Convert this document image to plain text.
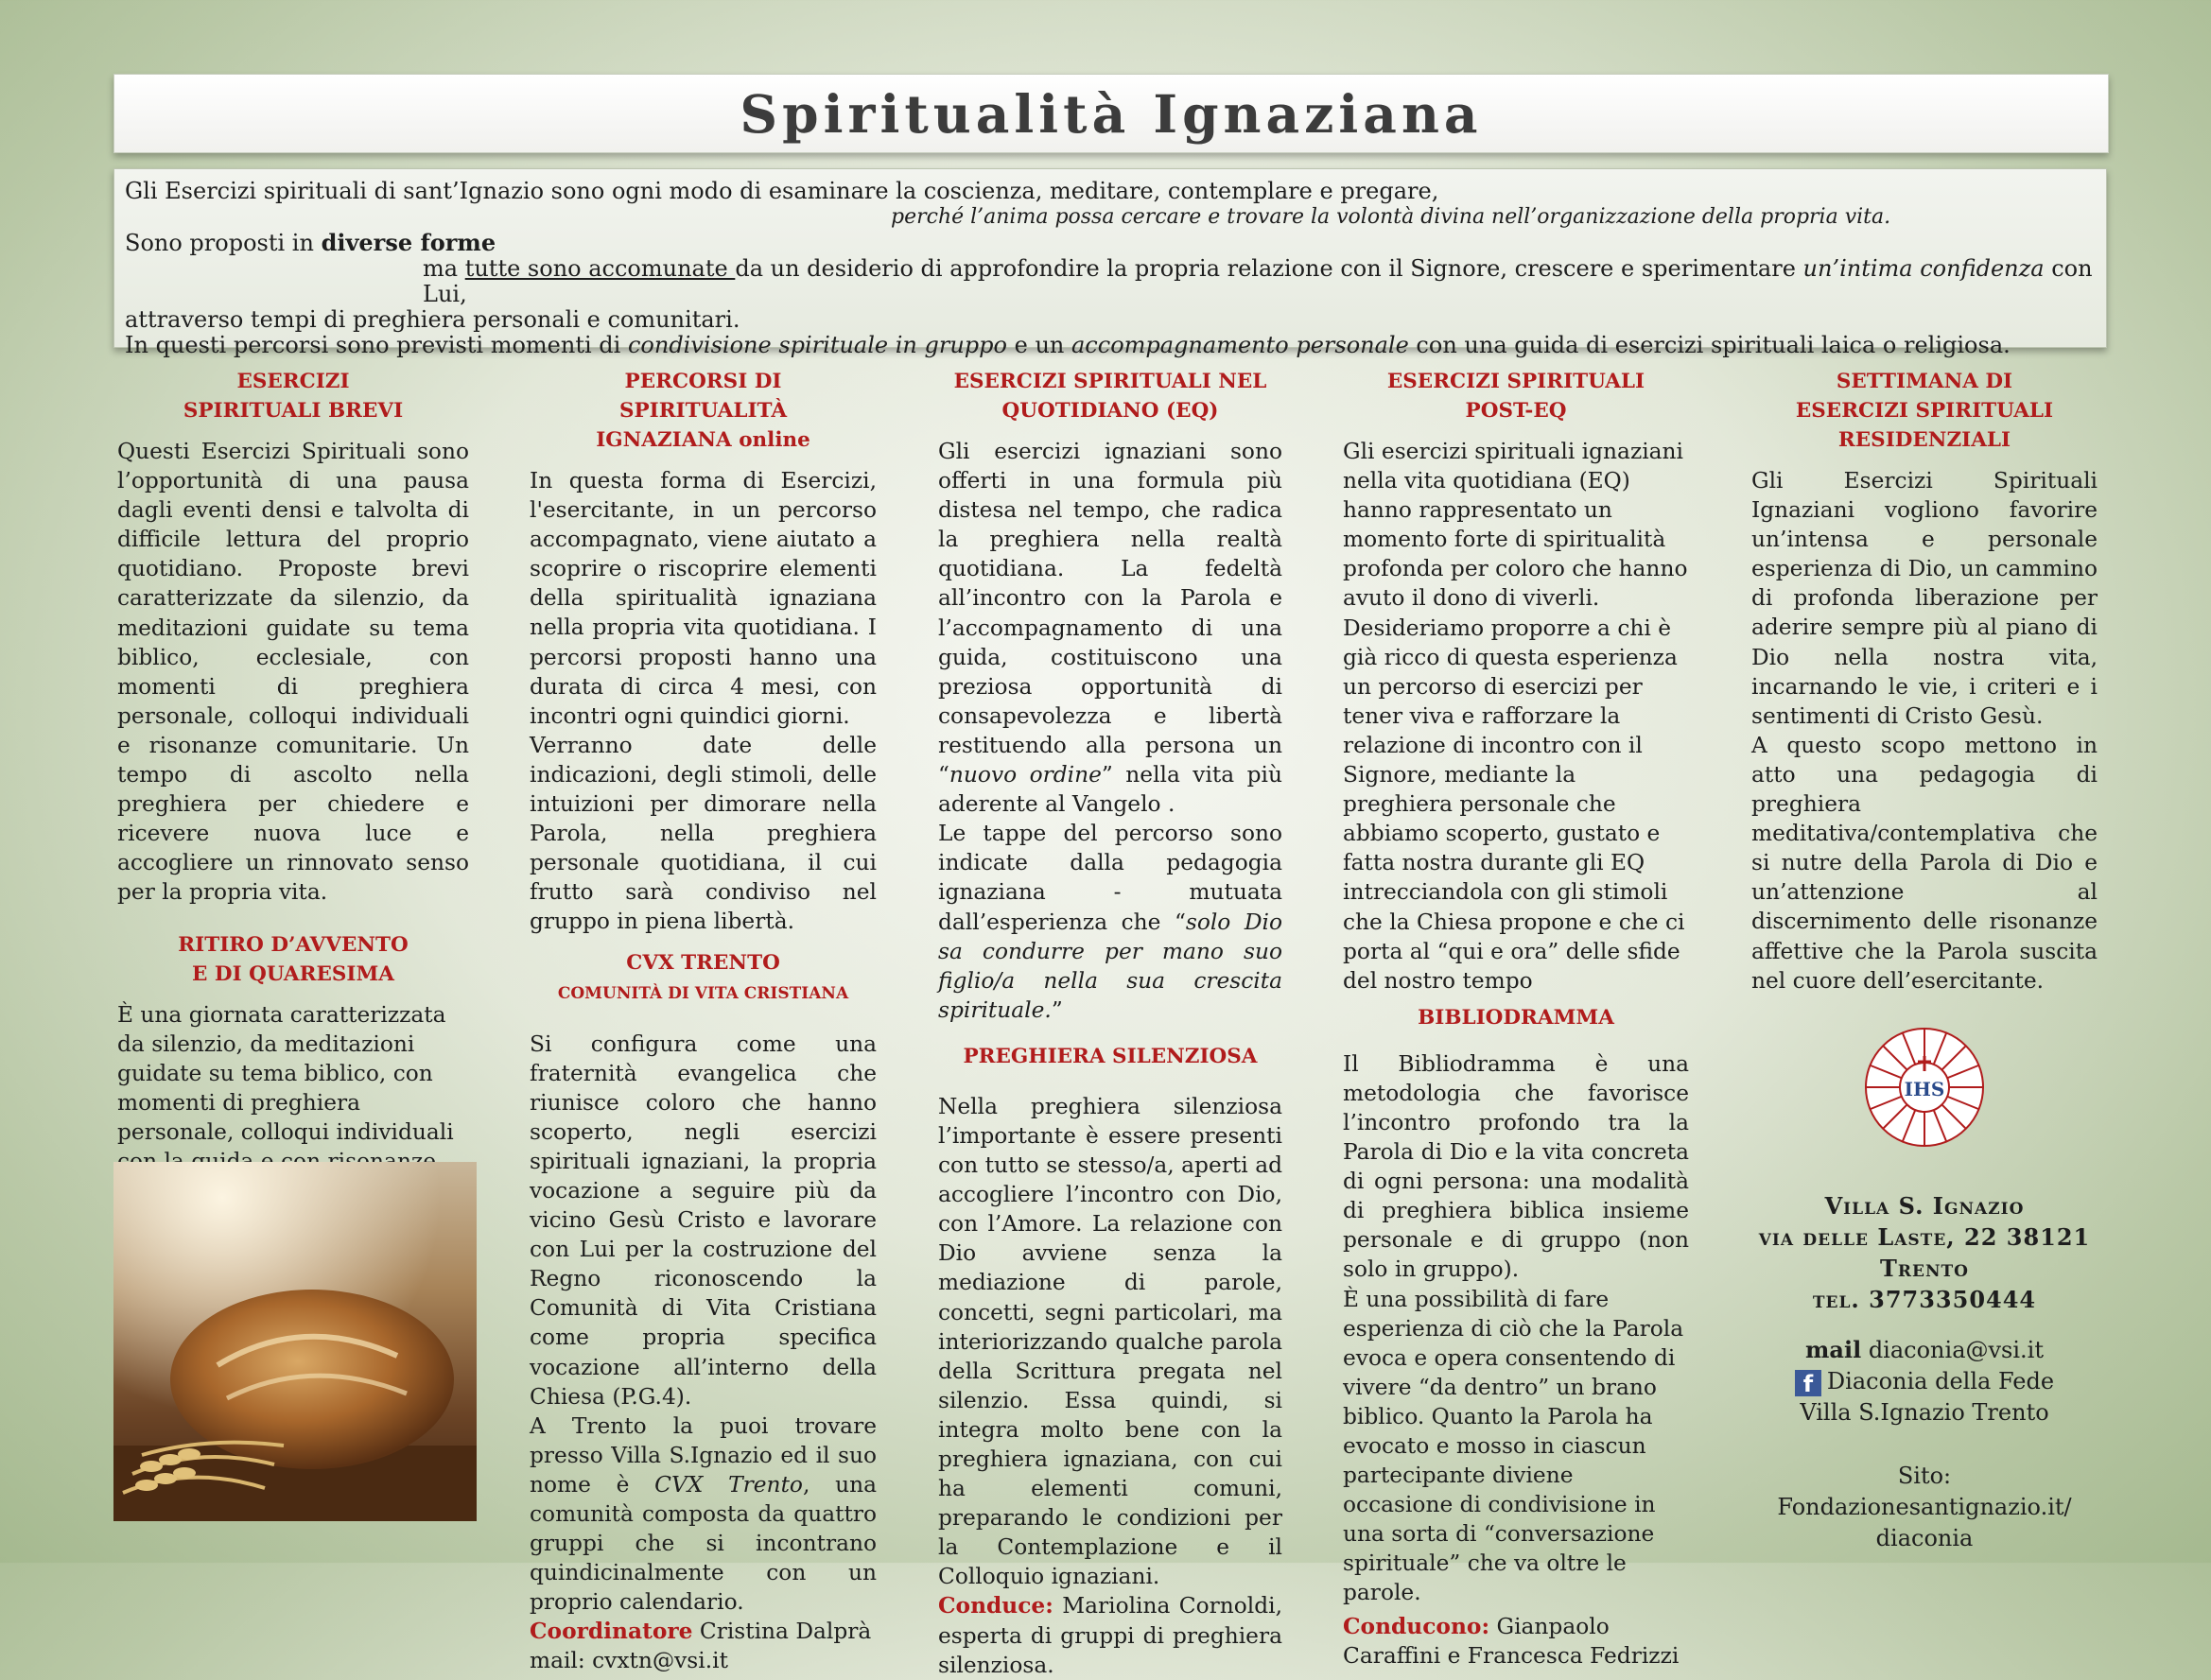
Spiritualità Ignaziana

Gli Esercizi spirituali di sant’Ignazio sono ogni modo di esaminare la coscienza, meditare, contemplare e pregare,

perché l’anima possa cercare e trovare la volontà divina nell’organizzazione della propria vita.

Sono proposti in diverse forme

ma tutte sono accomunate da un desiderio di approfondire la propria relazione con il Signore, crescere e sperimentare un’intima confidenza con Lui,

attraverso tempi di preghiera personali e comunitari.

In questi percorsi sono previsti momenti di condivisione spirituale in gruppo e un accompagnamento personale con una guida di esercizi spirituali laica o religiosa.

ESERCIZI
SPIRITUALI BREVI

Questi Esercizi Spirituali sono l’opportunità di una pausa dagli eventi densi e talvolta di difficile lettura del proprio quotidiano. Proposte brevi caratterizzate da silenzio, da meditazioni guidate su tema biblico, ecclesiale, con momenti di preghiera personale, colloqui individuali e risonanze comunitarie. Un tempo di ascolto nella preghiera per chiedere e ricevere nuova luce e accogliere un rinnovato senso per la propria vita.

RITIRO D’AVVENTO
E DI QUARESIMA

È una giornata caratterizzata da silenzio, da meditazioni guidate su tema biblico, con momenti di preghiera personale, colloqui individuali

PERCORSI DI
SPIRITUALITÀ
IGNAZIANA online

In questa forma di Esercizi, l'esercitante, in un percorso accompagnato, viene aiutato a scoprire o riscoprire elementi della spiritualità ignaziana nella propria vita quotidiana. I percorsi proposti hanno una durata di circa 4 mesi, con incontri ogni quindici giorni.

Verranno date delle indicazioni, degli stimoli, delle intuizioni per dimorare nella Parola, nella preghiera personale quotidiana, il cui frutto sarà condiviso nel gruppo in piena libertà.

CVX TRENTO
COMUNITÀ DI VITA CRISTIANA

Si configura come una fraternità evangelica che riunisce coloro che hanno scoperto, negli esercizi spirituali ignaziani, la propria vocazione a seguire più da vicino Gesù Cristo e lavorare con Lui per la costruzione del Regno riconoscendo la Comunità di Vita Cristiana come propria specifica vocazione all’interno della Chiesa (P.G.4).

A Trento la puoi trovare presso Villa S.Ignazio ed il suo nome è CVX Trento, una comunità composta da quattro gruppi che si incontrano quindicinalmente con un proprio calendario.

Coordinatore Cristina Dalprà

mail: cvxtn@vsi.it

ESERCIZI SPIRITUALI NEL
QUOTIDIANO (EQ)

Gli esercizi ignaziani sono offerti in una formula più distesa nel tempo, che radica la preghiera nella realtà quotidiana. La fedeltà all’incontro con la Parola e l’accompagnamento di una guida, costituiscono una preziosa opportunità di consapevolezza e libertà restituendo alla persona un “nuovo ordine” nella vita più aderente al Vangelo .

Le tappe del percorso sono indicate dalla pedagogia ignaziana - mutuata dall’esperienza che “solo Dio sa condurre per mano suo figlio/a nella sua crescita spirituale.”

PREGHIERA SILENZIOSA

Nella preghiera silenziosa l’importante è essere presenti con tutto se stesso/a, aperti ad accogliere l’incontro con Dio, con l’Amore. La relazione con Dio avviene senza la mediazione di parole, concetti, segni particolari, ma interiorizzando qualche parola della Scrittura pregata nel silenzio. Essa quindi, si integra molto bene con la preghiera ignaziana, con cui ha elementi comuni, preparando le condizioni per la Contemplazione e il Colloquio ignaziani.

Conduce: Mariolina Cornoldi, esperta di gruppi di preghiera silenziosa.

ESERCIZI SPIRITUALI
POST-EQ

Gli esercizi spirituali ignaziani nella vita quotidiana (EQ) hanno rappresentato un momento forte di spiritualità profonda per coloro che hanno avuto il dono di viverli. Desideriamo proporre a chi è già ricco di questa esperienza un percorso di esercizi per tener viva e rafforzare la relazione di incontro con il Signore, mediante la preghiera personale che abbiamo scoperto, gustato e fatta nostra durante gli EQ intrecciandola con gli stimoli che la Chiesa propone e che ci porta al “qui e ora” delle sfide del nostro tempo

BIBLIODRAMMA

Il Bibliodramma è una metodologia che favorisce l’incontro profondo tra la Parola di Dio e la vita concreta di ogni persona: una modalità di preghiera biblica insieme personale e di gruppo (non solo in gruppo).

È una possibilità di fare esperienza di ciò che la Parola evoca e opera consentendo di vivere “da dentro” un brano biblico. Quanto la Parola ha evocato e mosso in ciascun partecipante diviene occasione di condivisione in una sorta di “conversazione spirituale” che va oltre le parole.

Conducono: Gianpaolo Caraffini e Francesca Fedrizzi

SETTIMANA DI
ESERCIZI SPIRITUALI
RESIDENZIALI

Gli Esercizi Spirituali Ignaziani vogliono favorire un’intensa e personale esperienza di Dio, un cammino di profonda liberazione per aderire sempre più al piano di Dio nella nostra vita, incarnando le vie, i criteri e i sentimenti di Cristo Gesù.

A questo scopo mettono in atto una pedagogia di preghiera meditativa/contemplativa che si nutre della Parola di Dio e un’attenzione al discernimento delle risonanze affettive che la Parola suscita nel cuore dell’esercitante.

IHS
Villa S. Ignazio
via delle Laste, 22 38121
Trento
tel. 3773350444
mail diaconia@vsi.it
f Diaconia della Fede
Villa S.Ignazio Trento
Sito:
Fondazionesantignazio.it/
diaconia
